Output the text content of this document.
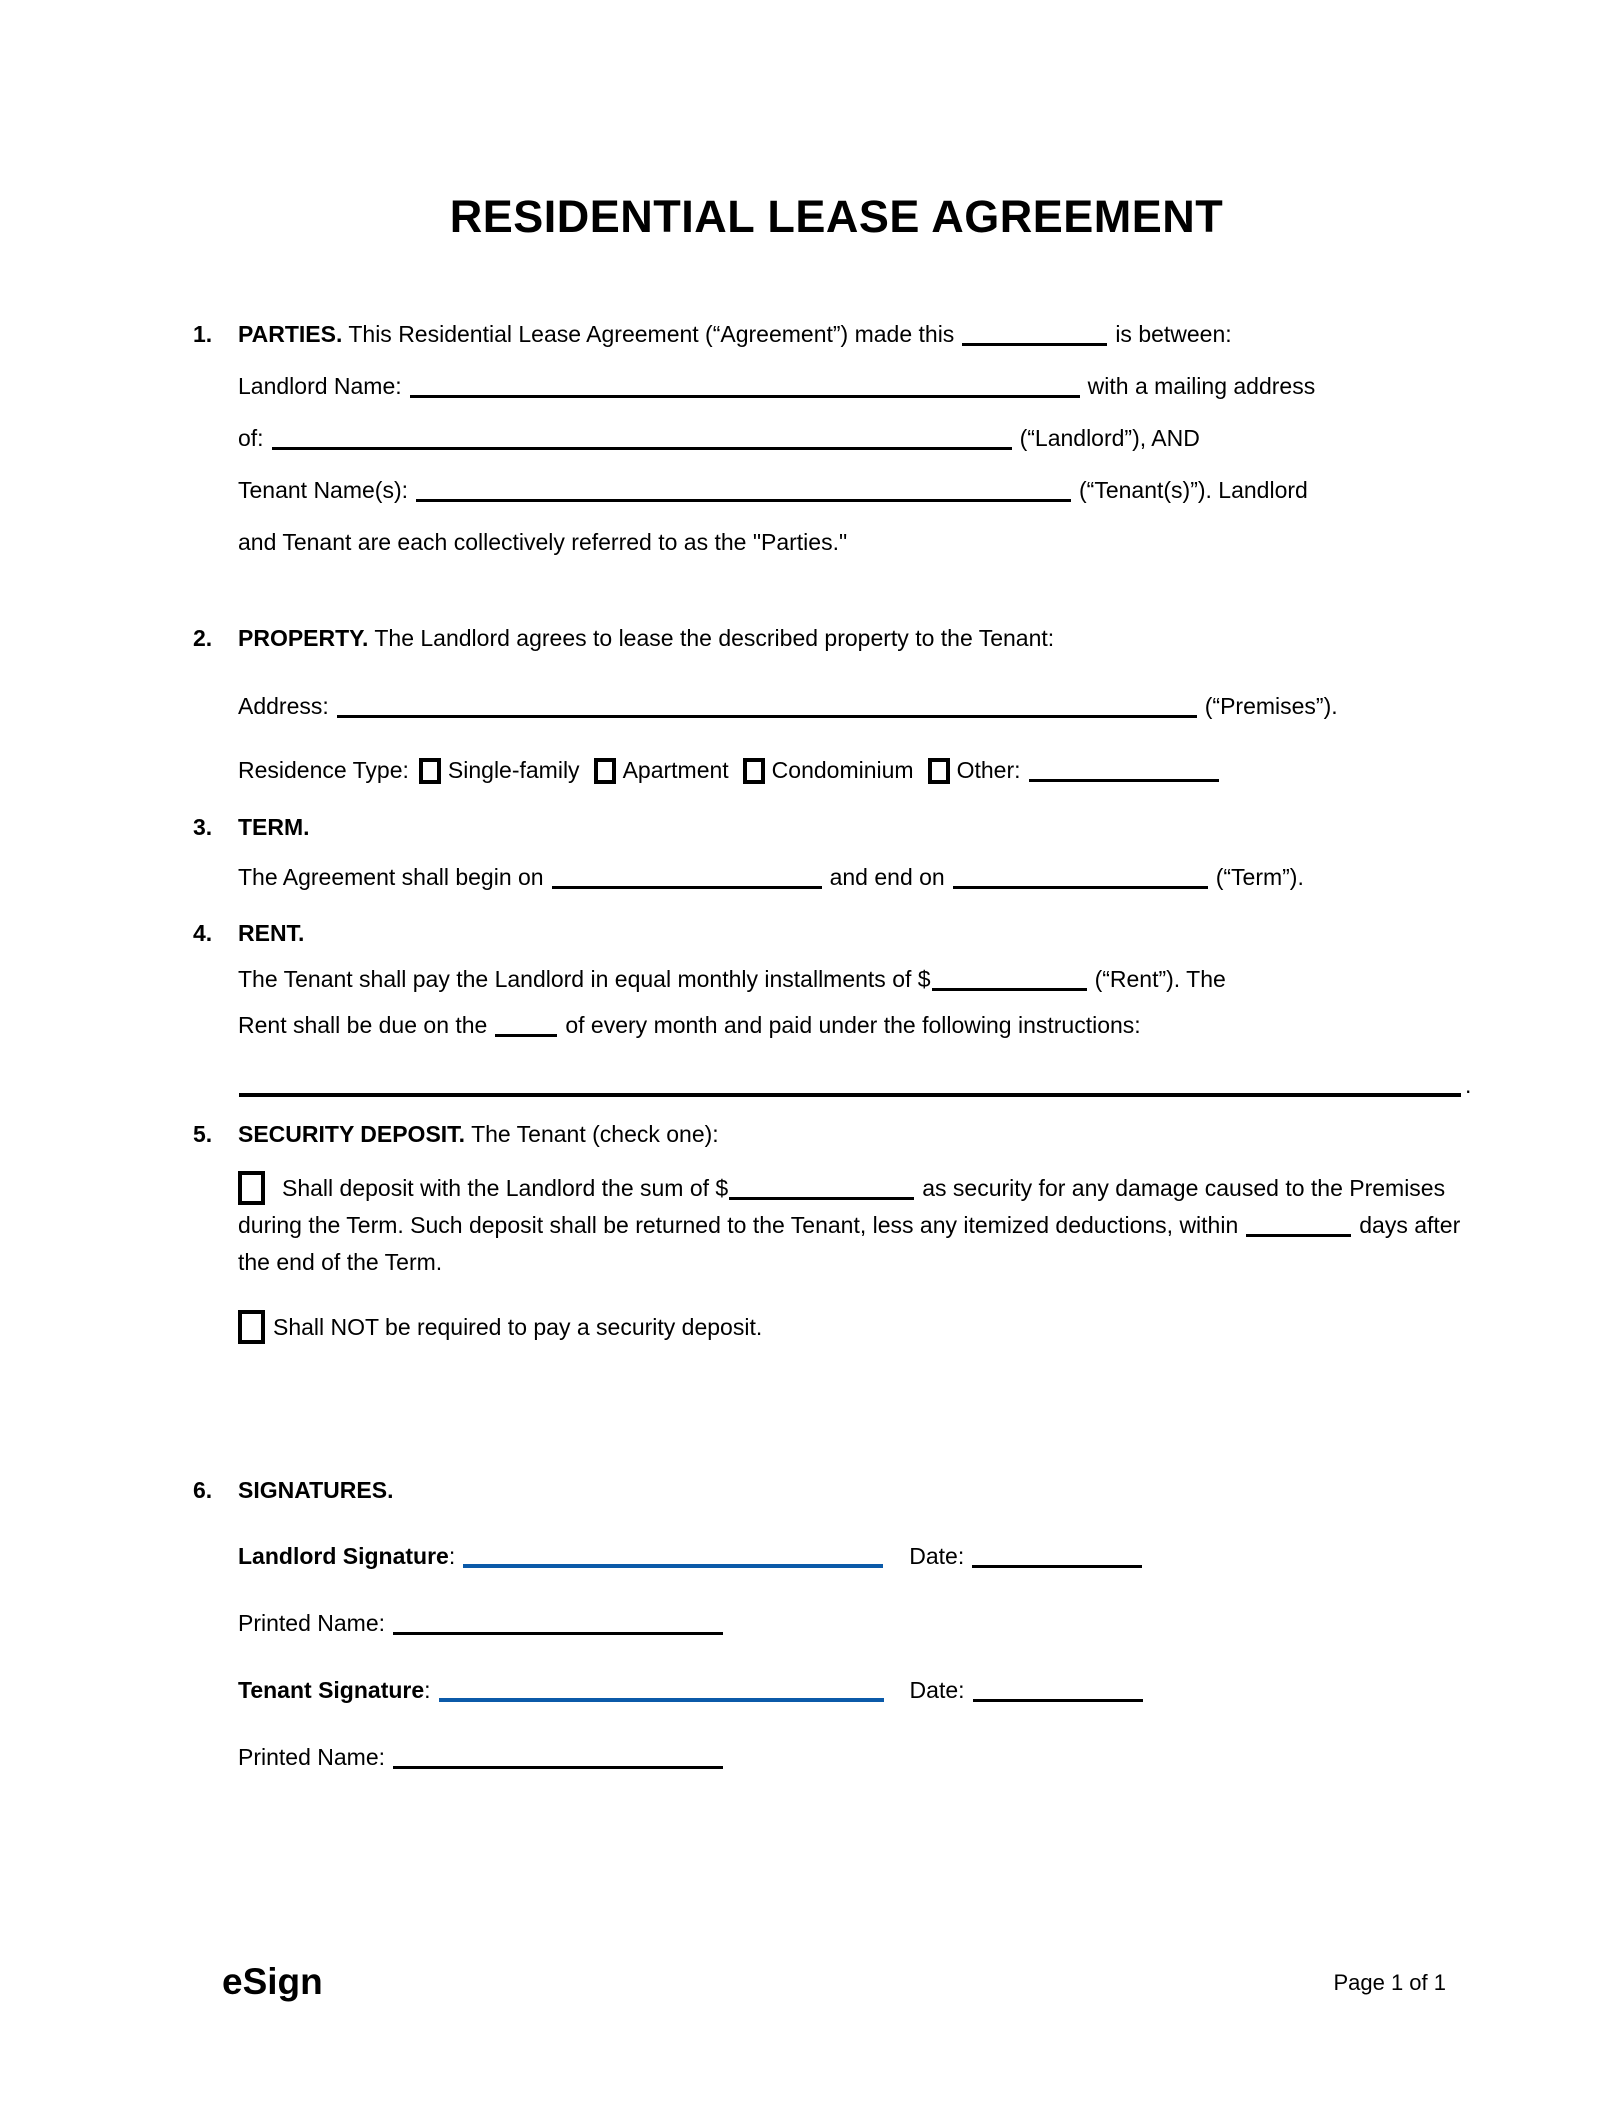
RESIDENTIAL LEASE AGREEMENT
1.	PARTIES. This Residential Lease Agreement (“Agreement”) made this	is between:
Landlord Name:	with a mailing address
of:	(“Landlord”), AND
Tenant Name(s):	(“Tenant(s)”). Landlord
and Tenant are each collectively referred to as the "Parties."
2.	PROPERTY. The Landlord agrees to lease the described property to the Tenant:
Address:	(“Premises”).
Residence Type: Single-family Apartment Condominium Other:
3.	TERM.
The Agreement shall begin on	and end on	(“Term”).
4.	RENT.
The Tenant shall pay the Landlord in equal monthly installments of $	(“Rent”). The
Rent shall be due on the	of every month and paid under the following instructions:
.
5.	SECURITY DEPOSIT. The Tenant (check one):

Shall deposit with the Landlord the sum of $	as security for any damage caused to the Premises during the Term. Such deposit shall be returned to the Tenant, less any itemized deductions, within	days after the end of the Term.

Shall NOT be required to pay a security deposit.
6.	SIGNATURES.
Landlord Signature:	Date:
Printed Name:
Tenant Signature:	Date:
Printed Name:
eSign	Page 1 of 1
